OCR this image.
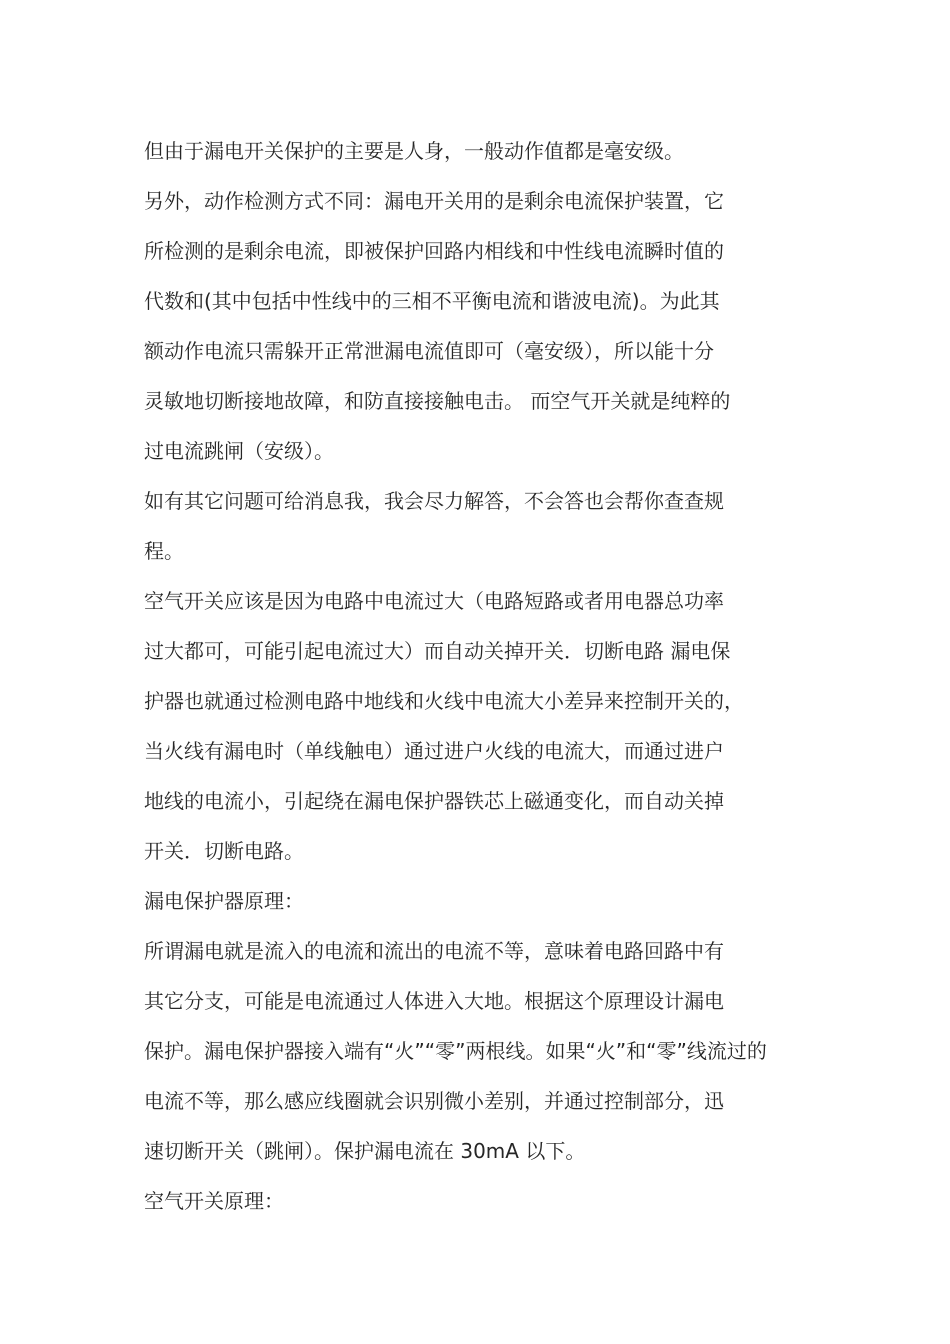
但由于漏电开关保护的主要是人身，一般动作值都是毫安级。
另外，动作检测方式不同：漏电开关用的是剩余电流保护装置，它
所检测的是剩余电流，即被保护回路内相线和中性线电流瞬时值的
代数和(其中包括中性线中的三相不平衡电流和谐波电流)。为此其
额动作电流只需躲开正常泄漏电流值即可（毫安级），所以能十分
灵敏地切断接地故障，和防直接接触电击。 而空气开关就是纯粹的
过电流跳闸（安级）。
如有其它问题可给消息我，我会尽力解答，不会答也会帮你查查规
程。
空气开关应该是因为电路中电流过大（电路短路或者用电器总功率
过大都可，可能引起电流过大）而自动关掉开关．切断电路 漏电保
护器也就通过检测电路中地线和火线中电流大小差异来控制开关的，
当火线有漏电时（单线触电）通过进户火线的电流大，而通过进户
地线的电流小，引起绕在漏电保护器铁芯上磁通变化，而自动关掉
开关．切断电路。
漏电保护器原理：
所谓漏电就是流入的电流和流出的电流不等，意味着电路回路中有
其它分支，可能是电流通过人体进入大地。根据这个原理设计漏电
保护。漏电保护器接入端有“火”“零”两根线。如果“火”和“零”线流过的
电流不等，那么感应线圈就会识别微小差别，并通过控制部分，迅
速切断开关（跳闸）。保护漏电流在 30mA 以下。
空气开关原理：
